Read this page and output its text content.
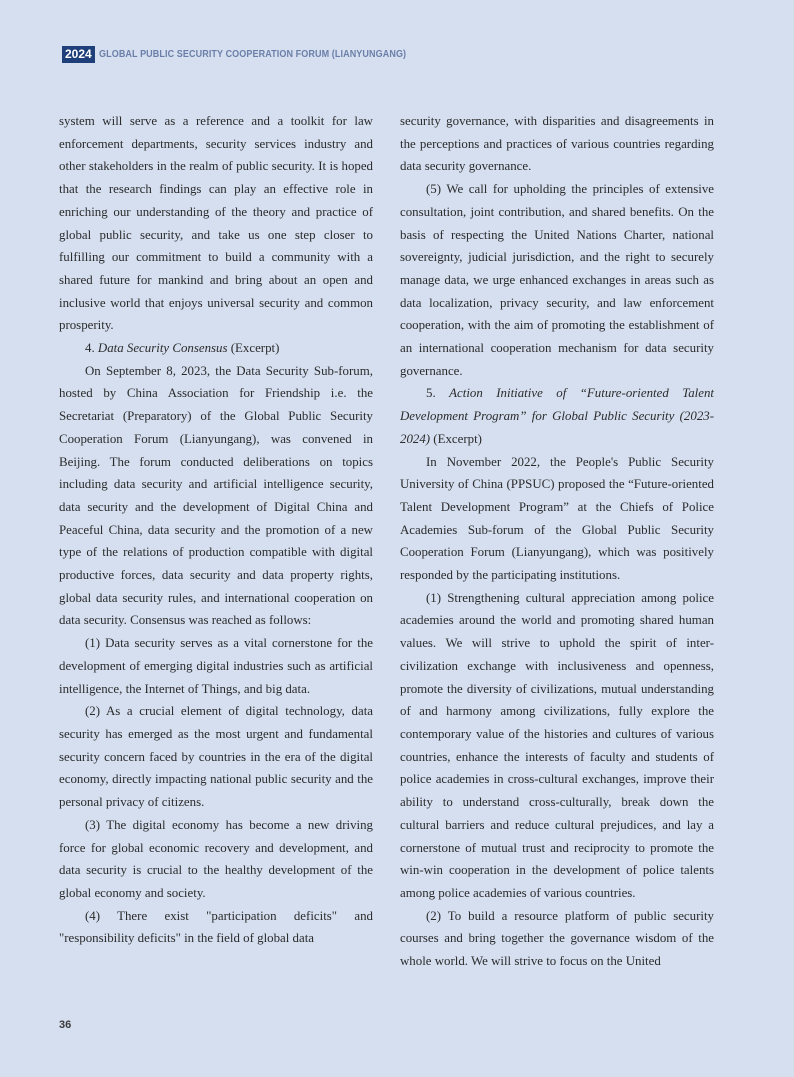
2024 GLOBAL PUBLIC SECURITY COOPERATION FORUM (LIANYUNGANG)

system will serve as a reference and a toolkit for law enforcement departments, security services industry and other stakeholders in the realm of public security. It is hoped that the research findings can play an effective role in enriching our understanding of the theory and practice of global public security, and take us one step closer to fulfilling our commitment to build a community with a shared future for mankind and bring about an open and inclusive world that enjoys universal security and common prosperity.

4. Data Security Consensus (Excerpt)

On September 8, 2023, the Data Security Sub-forum, hosted by China Association for Friendship i.e. the Secretariat (Preparatory) of the Global Public Security Cooperation Forum (Lianyungang), was convened in Beijing. The forum conducted deliberations on topics including data security and artificial intelligence security, data security and the development of Digital China and Peaceful China, data security and the promotion of a new type of the relations of production compatible with digital productive forces, data security and data property rights, global data security rules, and international cooperation on data security. Consensus was reached as follows:

(1) Data security serves as a vital cornerstone for the development of emerging digital industries such as artificial intelligence, the Internet of Things, and big data.

(2) As a crucial element of digital technology, data security has emerged as the most urgent and fundamental security concern faced by countries in the era of the digital economy, directly impacting national public security and the personal privacy of citizens.

(3) The digital economy has become a new driving force for global economic recovery and development, and data security is crucial to the healthy development of the global economy and society.

(4) There exist "participation deficits" and "responsibility deficits" in the field of global data

security governance, with disparities and disagreements in the perceptions and practices of various countries regarding data security governance.

(5) We call for upholding the principles of extensive consultation, joint contribution, and shared benefits. On the basis of respecting the United Nations Charter, national sovereignty, judicial jurisdiction, and the right to securely manage data, we urge enhanced exchanges in areas such as data localization, privacy security, and law enforcement cooperation, with the aim of promoting the establishment of an international cooperation mechanism for data security governance.

5. Action Initiative of “Future-oriented Talent Development Program” for Global Public Security (2023-2024) (Excerpt)

In November 2022, the People's Public Security University of China (PPSUC) proposed the “Future-oriented Talent Development Program” at the Chiefs of Police Academies Sub-forum of the Global Public Security Cooperation Forum (Lianyungang), which was positively responded by the participating institutions.

(1) Strengthening cultural appreciation among police academies around the world and promoting shared human values. We will strive to uphold the spirit of inter-civilization exchange with inclusiveness and openness, promote the diversity of civilizations, mutual understanding of and harmony among civilizations, fully explore the contemporary value of the histories and cultures of various countries, enhance the interests of faculty and students of police academies in cross-cultural exchanges, improve their ability to understand cross-culturally, break down the cultural barriers and reduce cultural prejudices, and lay a cornerstone of mutual trust and reciprocity to promote the win-win cooperation in the development of police talents among police academies of various countries.

(2) To build a resource platform of public security courses and bring together the governance wisdom of the whole world. We will strive to focus on the United

36
